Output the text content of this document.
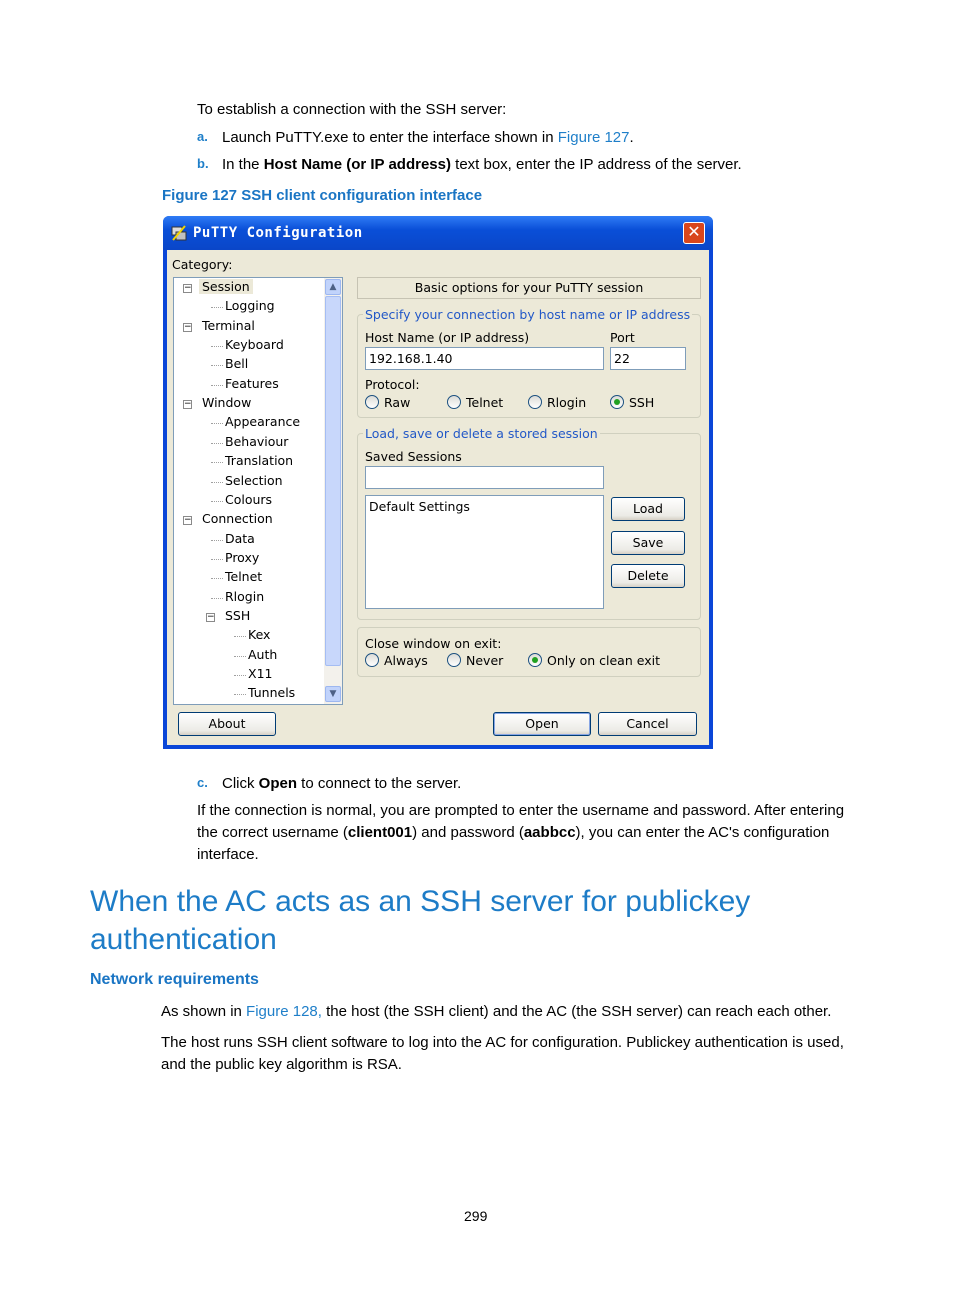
To establish a connection with the SSH server:
a. Launch PuTTY.exe to enter the interface shown in Figure 127.
b. In the Host Name (or IP address) text box, enter the IP address of the server.
Figure 127 SSH client configuration interface
PuTTY Configuration	✕
Category:
Session
−
Logging
Terminal
−
Keyboard
Bell
Features
Window
−
Appearance
Behaviour
Translation
Selection
Colours
Connection
−
Data
Proxy
Telnet
Rlogin
SSH
−
Kex
Auth
X11
Tunnels
▲
▼
Basic options for your PuTTY session
Specify your connection by host name or IP address
Host Name (or IP address)
192.168.1.40
Port
22
Protocol:
Raw	Telnet	Rlogin	SSH
Load, save or delete a stored session
Saved Sessions
Default Settings	Load
Save
Delete
Close window on exit:
Always	Never	Only on clean exit
About	Open	Cancel
c. Click Open to connect to the server.
If the connection is normal, you are prompted to enter the username and password. After entering
the correct username (client001) and password (aabbcc), you can enter the AC's configuration
interface.
When the AC acts as an SSH server for publickey
authentication
Network requirements
As shown in Figure 128, the host (the SSH client) and the AC (the SSH server) can reach each other.
The host runs SSH client software to log into the AC for configuration. Publickey authentication is used,
and the public key algorithm is RSA.
299
